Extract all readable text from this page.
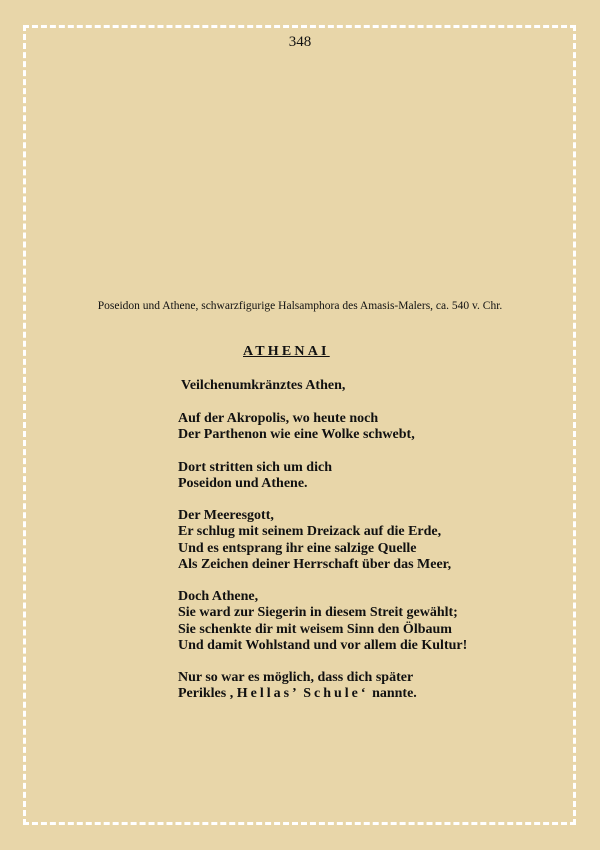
348
Poseidon und Athene, schwarzfigurige Halsamphora des Amasis-Malers, ca. 540 v. Chr.
ATHENAI
Veilchenumkränztes Athen,
Auf der Akropolis, wo heute noch
Der Parthenon wie eine Wolke schwebt,
Dort stritten sich um dich
Poseidon und Athene.
Der Meeresgott,
Er schlug mit seinem Dreizack auf die Erde,
Und es entsprang ihr eine salzige Quelle
Als Zeichen deiner Herrschaft über das Meer,
Doch Athene,
Sie ward zur Siegerin in diesem Streit gewählt;
Sie schenkte dir mit weisem Sinn den Ölbaum
Und damit Wohlstand und vor allem die Kultur!
Nur so war es möglich, dass dich später
Perikles , Hellas’ Schule‘ nannte.
